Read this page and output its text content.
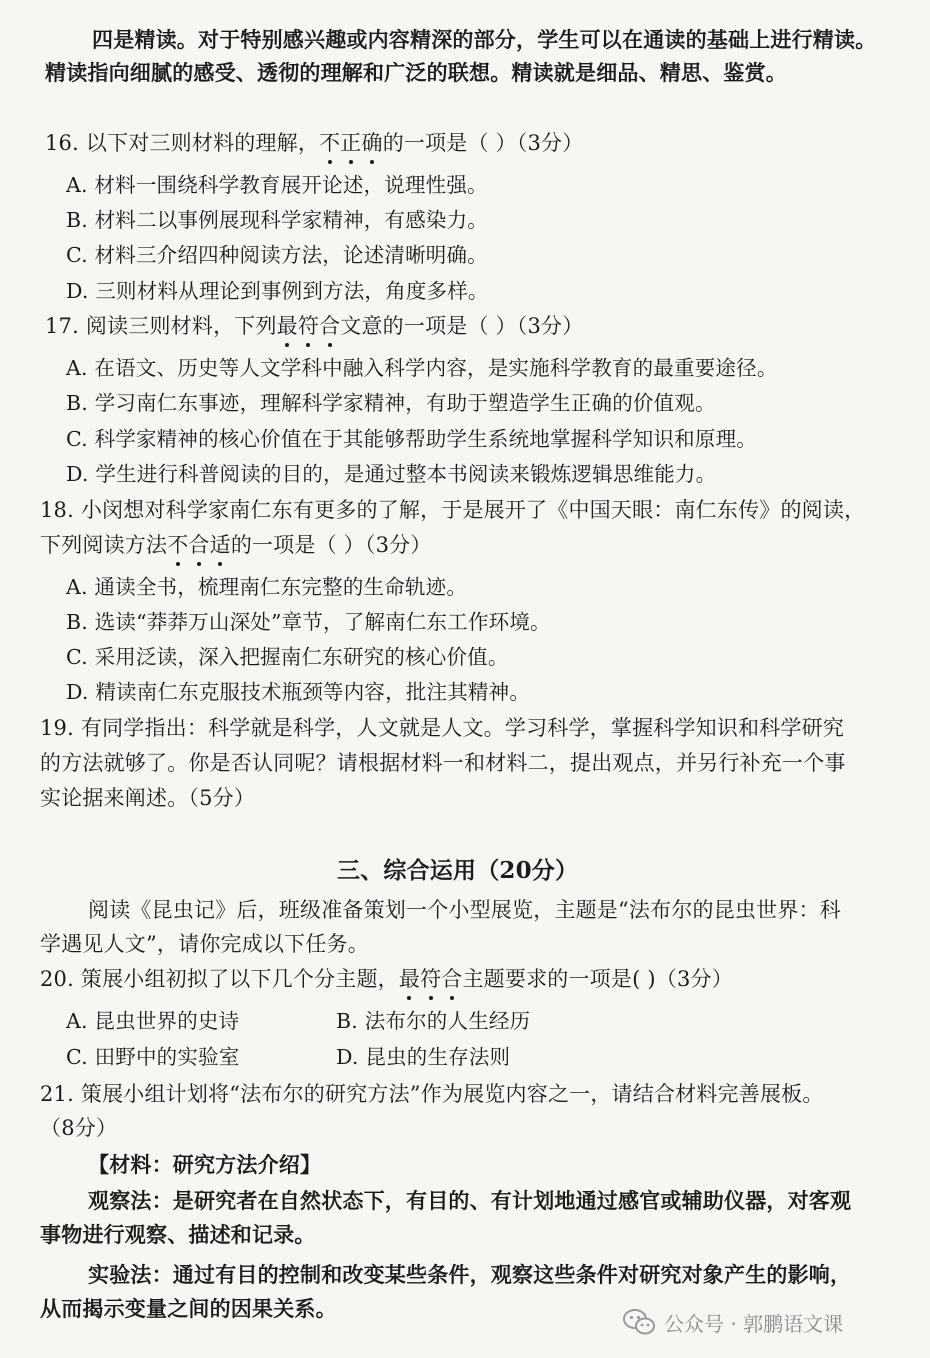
四是精读。对于特别感兴趣或内容精深的部分，学生可以在通读的基础上进行精读。
精读指向细腻的感受、透彻的理解和广泛的联想。精读就是细品、精思、鉴赏。
16. 以下对三则材料的理解，不正确的一项是（ ）（3分）
A. 材料一围绕科学教育展开论述，说理性强。
B. 材料二以事例展现科学家精神，有感染力。
C. 材料三介绍四种阅读方法，论述清晰明确。
D. 三则材料从理论到事例到方法，角度多样。
17. 阅读三则材料，下列最符合文意的一项是（ ）（3分）
A. 在语文、历史等人文学科中融入科学内容，是实施科学教育的最重要途径。
B. 学习南仁东事迹，理解科学家精神，有助于塑造学生正确的价值观。
C. 科学家精神的核心价值在于其能够帮助学生系统地掌握科学知识和原理。
D. 学生进行科普阅读的目的，是通过整本书阅读来锻炼逻辑思维能力。
18. 小闵想对科学家南仁东有更多的了解，于是展开了《中国天眼：南仁东传》的阅读，
下列阅读方法不合适的一项是（ ）（3分）
A. 通读全书，梳理南仁东完整的生命轨迹。
B. 选读“莽莽万山深处”章节，了解南仁东工作环境。
C. 采用泛读，深入把握南仁东研究的核心价值。
D. 精读南仁东克服技术瓶颈等内容，批注其精神。
19. 有同学指出：科学就是科学，人文就是人文。学习科学，掌握科学知识和科学研究
的方法就够了。你是否认同呢？请根据材料一和材料二，提出观点，并另行补充一个事
实论据来阐述。（5分）
三、综合运用（20分）
阅读《昆虫记》后，班级准备策划一个小型展览，主题是“法布尔的昆虫世界：科
学遇见人文”，请你完成以下任务。
20. 策展小组初拟了以下几个分主题，最符合主题要求的一项是( )（3分）
A. 昆虫世界的史诗	B. 法布尔的人生经历
C. 田野中的实验室	D. 昆虫的生存法则
21. 策展小组计划将“法布尔的研究方法”作为展览内容之一，请结合材料完善展板。
（8分）
【材料：研究方法介绍】
观察法：是研究者在自然状态下，有目的、有计划地通过感官或辅助仪器，对客观
事物进行观察、描述和记录。
实验法：通过有目的控制和改变某些条件，观察这些条件对研究对象产生的影响，
从而揭示变量之间的因果关系。
公众号 · 郭鹏语文课
